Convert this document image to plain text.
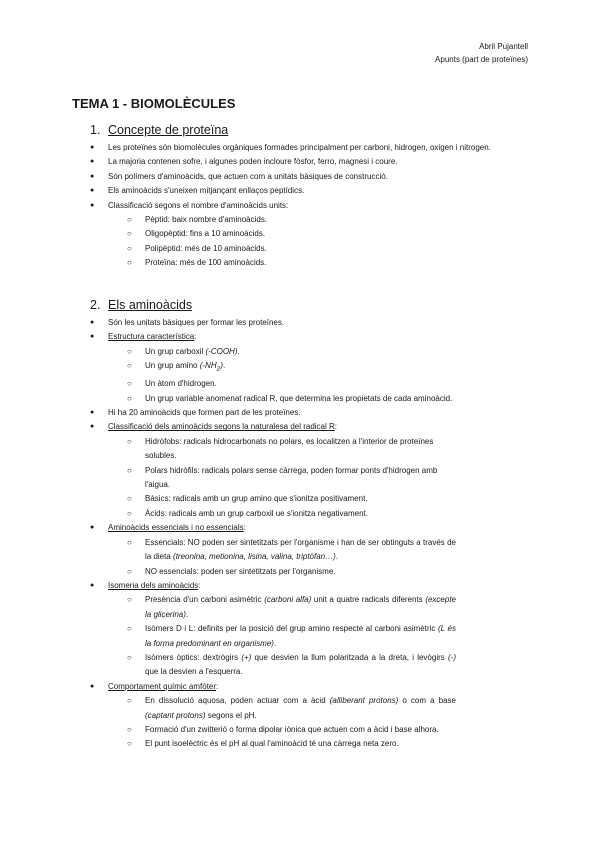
Abril Pujantell
Apunts (part de proteïnes)
TEMA 1 - BIOMOLÈCULES
1. Concepte de proteïna
● Les proteïnes són biomolècules orgàniques formades principalment per carboni, hidrogen, oxigen i nitrogen.
● La majoria contenen sofre, i algunes poden incloure fòsfor, ferro, magnesi i coure.
● Són polímers d'aminoàcids, que actuen com a unitats bàsiques de construcció.
● Els aminoàcids s'uneixen mitjançant enllaços peptídics.
● Classificació segons el nombre d'aminoàcids units:
○ Pèptid: baix nombre d'aminoàcids.
○ Oligopèptid: fins a 10 aminoàcids.
○ Polipèptid: més de 10 aminoàcids.
○ Proteïna: més de 100 aminoàcids.
2. Els aminoàcids
● Són les unitats bàsiques per formar les proteïnes.
● Estructura característica:
○ Un grup carboxil (-COOH).
○ Un grup amino $(-NH_2)$.
○ Un àtom d'hidrogen.
○ Un grup variable anomenat radical R, que determina les propietats de cada aminoàcid.
● Hi ha 20 aminoàcids que formen part de les proteïnes.
● Classificació dels aminoàcids segons la naturalesa del radical R:
○ Hidròfobs: radicals hidrocarbonats no polars, es localitzen a l'interior de proteïnes solubles.
○ Polars hidròfils: radicals polars sense càrrega, poden formar ponts d'hidrogen amb l'aigua.
○ Bàsics: radicals amb un grup amino que s'ionitza positivament.
○ Àcids: radicals amb un grup carboxil ue s'ionitza negativament.
● Aminoàcids essencials i no essencials:
○ Essencials: NO poden ser sintetitzats per l'organisme i han de ser obtinguts a través de la dieta (treonina, metionina, lisina, valina, triptòfan…).
○ NO essencials: poden ser sintetitzats per l'organisme.
● Isomeria dels aminoàcids:
○ Presència d'un carboni asimètric (carboni alfa) unit a quatre radicals diferents (excepte la glicerina).
○ Isòmers D i L: definits per la posició del grup amino respecte al carboni asimètric (L és la forma predominant en organisme).
○ Isòmers òptics: dextrògirs (+) que desvien la llum polaritzada a la dreta, i levògirs (-) que la desvien a l'esquerra.
● Comportament químic amfòter:
○ En dissolució aquosa, poden actuar com a àcid (alliberant protons) o com a base (captant protons) segons el pH.
○ Formació d'un zwitterió o forma dipolar iònica que actuen com a àcid i base alhora.
○ El punt isoelèctric és el pH al qual l'aminoàcid té una càrrega neta zero.
